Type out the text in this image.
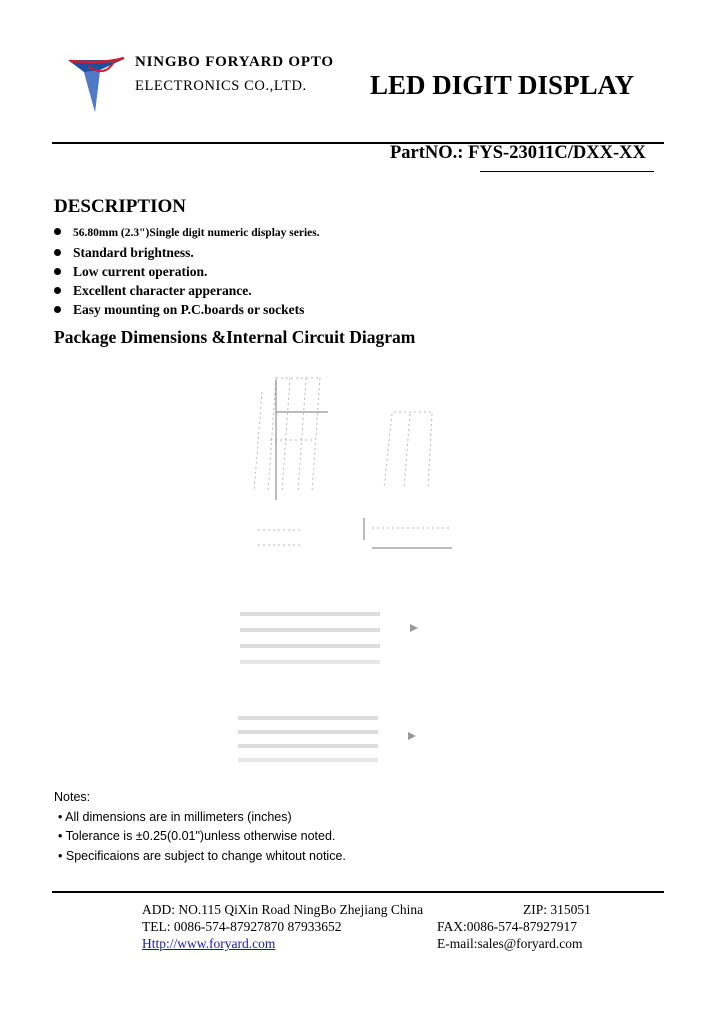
NINGBO FORYARD OPTO
ELECTRONICS CO.,LTD. LED DIGIT DISPLAY
PartNO.: FYS-23011C/DXX-XX
DESCRIPTION
56.80mm (2.3")Single digit numeric display series.
Standard brightness.
Low current operation.
Excellent character apperance.
Easy mounting on P.C.boards or sockets
Package Dimensions &Internal Circuit Diagram
Notes:
• All dimensions are in millimeters (inches)
• Tolerance is ±0.25(0.01")unless otherwise noted.
• Specificaions are subject to change whitout notice.
ADD: NO.115 QiXin Road NingBo Zhejiang China	ZIP: 315051
TEL: 0086-574-87927870 87933652	FAX:0086-574-87927917
Http://www.foryard.com	E-mail:sales@foryard.com
